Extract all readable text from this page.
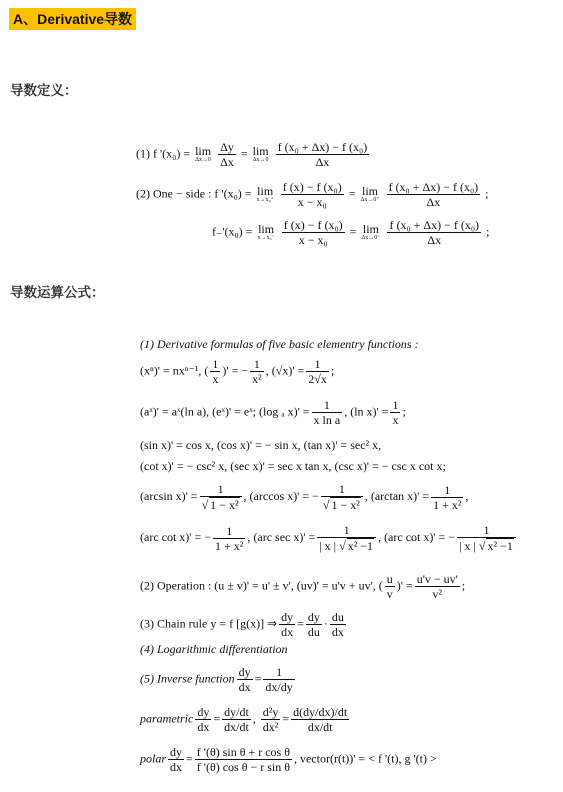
A、Derivative导数
导数定义：
(1) f '(x₀) = lim
Δx→0
$\frac{\Delta y}{\Delta x} = \lim$
Δx→0
$\frac{\text{f (x₀ + Δx) − f (x₀)}}{\Delta x}$
(2) One − side : f '(x₀) = lim
x→x₀⁺
$\frac{\text{f (x) − f (x₀)}}{\text{x − x₀}} = \lim$
Δx→0⁺
$\frac{\text{f (x₀ + Δx) − f (x₀)}}{\Delta x}$ ;
f₋'(x₀) = lim
x→x₀⁻
$\frac{\text{f (x) − f (x₀)}}{\text{x − x₀}} = \lim$
Δx→0⁻
$\frac{\text{f (x₀ + Δx) − f (x₀)}}{\Delta x}$ ;
导数运算公式：
(1) Derivative formulas of five basic elementry functions :
(xⁿ)' = nxⁿ⁻¹, ( $\frac{1}{x}$ )' = − $\frac{1}{\text{x²}}$ , $(√x)' = \frac{1}{2√x}$ ;
(aˣ)' = aˣ(ln a), (eˣ)' = eˣ; (log ₐ $x)' = \frac{1}{\text{x ln a}}$ , (ln $x)' = \frac{1}{x}$ ;
(sin x)' = cos x, (cos x)' = − sin x, (tan x)' = sec² x,
(cot x)' = − csc² x, (sec x)' = sec x tan x, (csc x)' = − csc x cot x;
(arcsin $x)' = \frac{1}{\text{√ 1 − x²}}$ , (arccos x)' = − $\frac{1}{\text{√ 1 − x²}}$ , (arctan $x)' = \frac{1}{\text{1 + x²}}$ ,
(arc cot x)' = − $\frac{1}{\text{1 + x²}}$ , (arc $\sec x)' = \frac{1}{\text{| x | √ x² −1}}$ , (arc cot x)' = − $\frac{1}{\text{| x | √ x² −1}}$
(2) Operation : (u ± v)' = u' ± v', (uv)' = u'v + uv', ( $\frac{u}{v}$ )' = $\frac{u'v - uv'}{\text{v²}}$ ;
(3) Chain rule y = f [g(x)] ⇒ $\frac{dy}{dx} = \frac{dy}{du} \cdot \frac{du}{dx}$
(4) Logarithmic differentiation
(5) Inverse function $\frac{dy}{dx} = \frac{1}{dx/dy}$
parametric $\frac{dy}{dx} = \frac{dy/dt}{dx/dt}$ , $\frac{\text{d²y}}{\text{dx²}} = \frac{d(dy/dx)/dt}{dx/dt}$
polar $\frac{dy}{dx} = \frac{\text{f '(θ) sin θ + r cos θ}}{\text{f '(θ) cos θ − r sin θ}}$ , vector(r(t))' = < f '(t), g '(t) >
